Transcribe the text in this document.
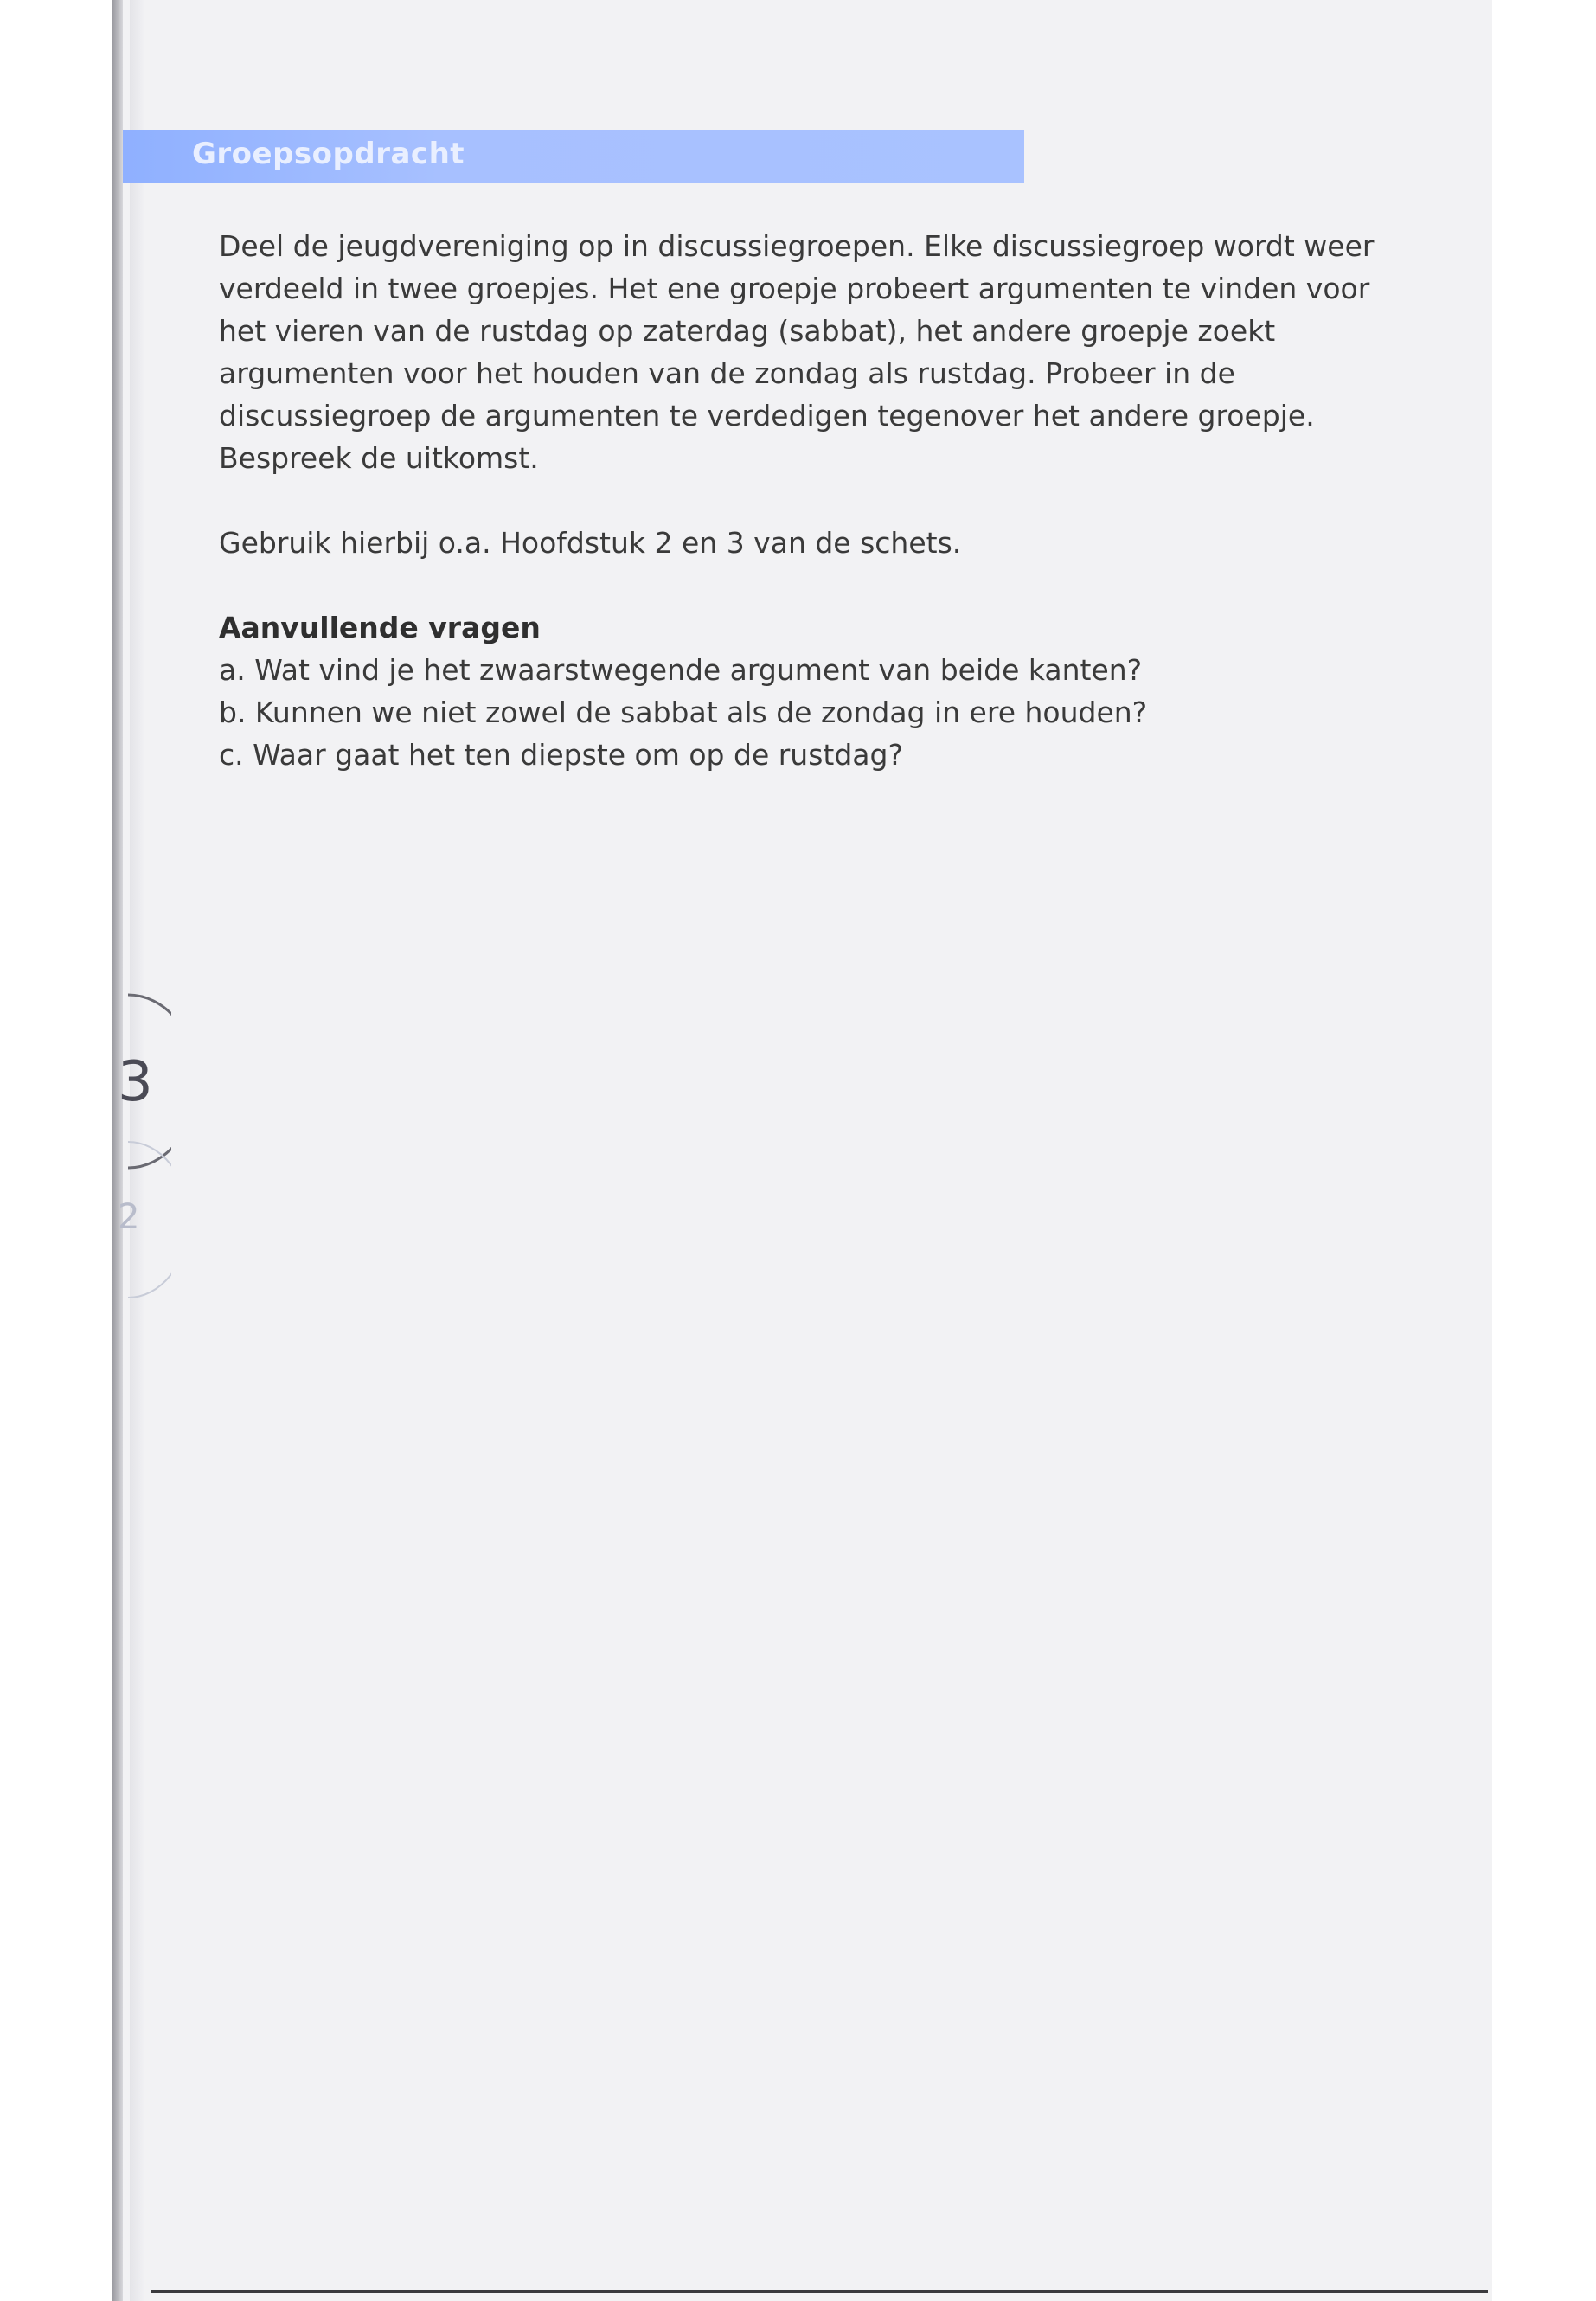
Groepsopdracht

Deel de jeugdvereniging op in discussiegroepen. Elke discussiegroep wordt weer verdeeld in twee groepjes. Het ene groepje probeert argumenten te vinden voor het vieren van de rustdag op zaterdag (sabbat), het andere groepje zoekt argumenten voor het houden van de zondag als rustdag. Probeer in de discussiegroep de argumenten te verdedigen tegenover het andere groepje. Bespreek de uitkomst.

Gebruik hierbij o.a. Hoofdstuk 2 en 3 van de schets.

Aanvullende vragen

a. Wat vind je het zwaarstwegende argument van beide kanten?
b. Kunnen we niet zowel de sabbat als de zondag in ere houden?
c. Waar gaat het ten diepste om op de rustdag?
3
2
